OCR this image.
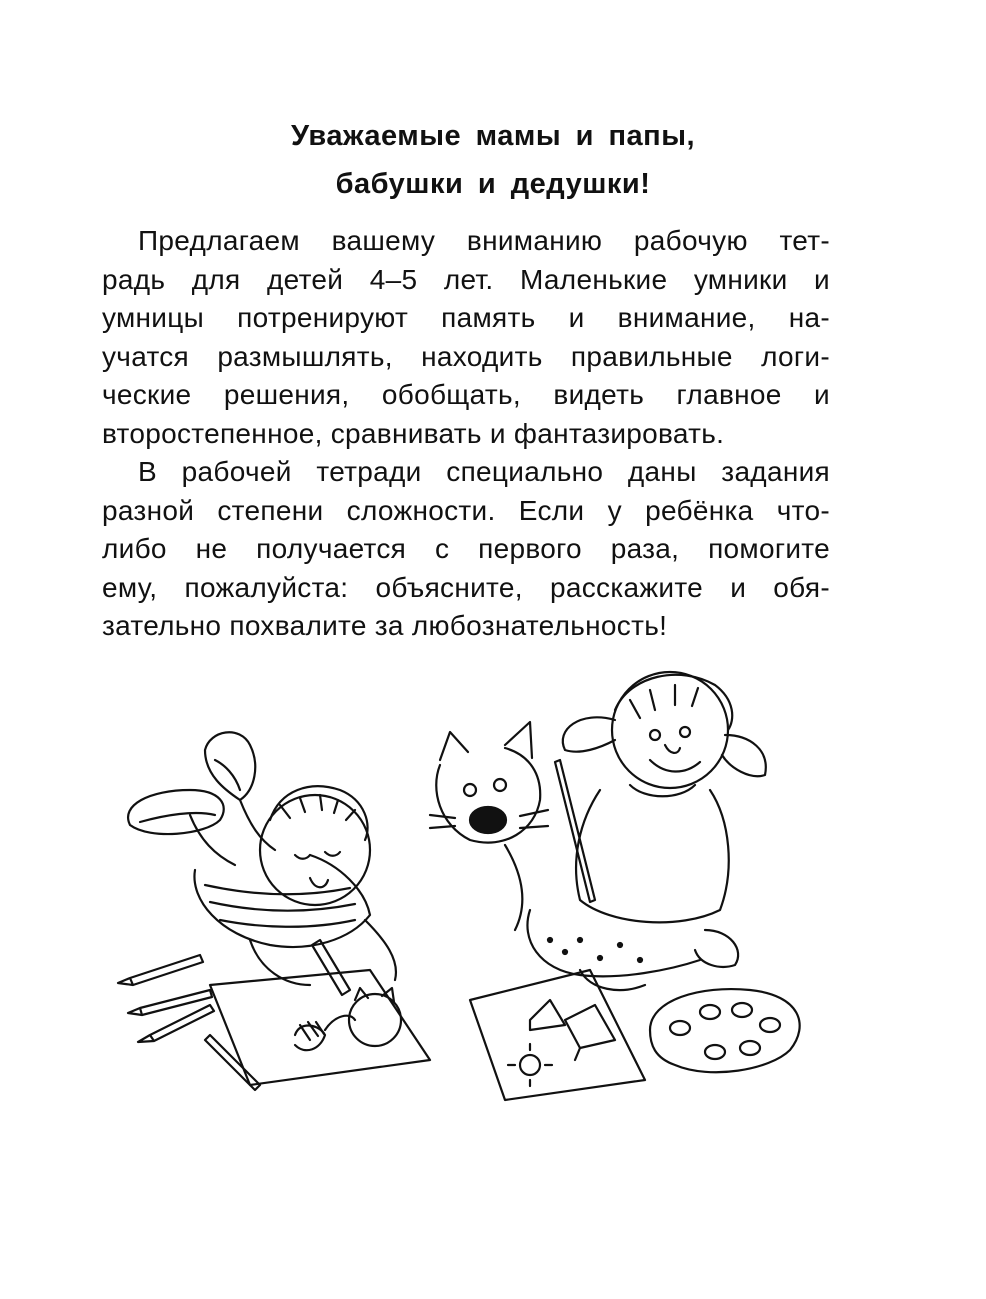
Уважаемые мамы и папы,
бабушки и дедушки!

Предлагаем вашему вниманию рабочую тет-
радь для детей 4–5 лет. Маленькие умники и
умницы потренируют память и внимание, на-
учатся размышлять, находить правильные логи-
ческие решения, обобщать, видеть главное и
второстепенное, сравнивать и фантазировать.

В рабочей тетради специально даны задания
разной степени сложности. Если у ребёнка что-
либо не получается с первого раза, помогите
ему, пожалуйста: объясните, расскажите и обя-
зательно похвалите за любознательность!
